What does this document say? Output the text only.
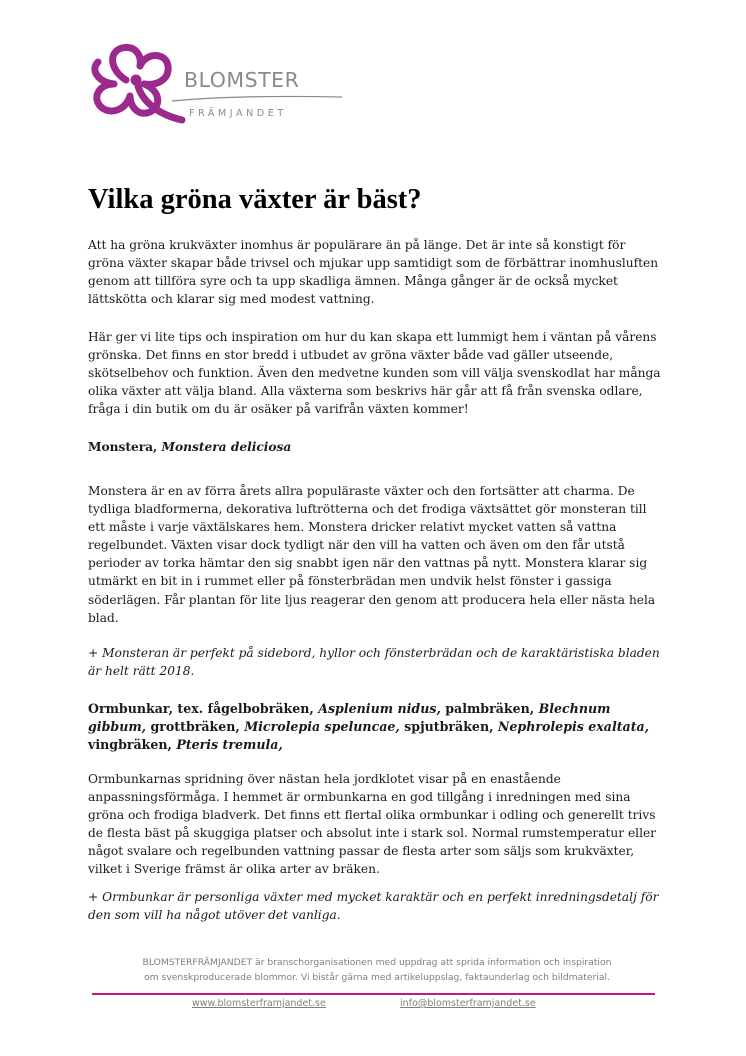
BLOMSTER
FRÄMJANDET
Vilka gröna växter är bäst?

Att ha gröna krukväxter inomhus är populärare än på länge. Det är inte så konstigt för gröna växter skapar både trivsel och mjukar upp samtidigt som de förbättrar inomhusluften genom att tillföra syre och ta upp skadliga ämnen. Många gånger är de också mycket lättskötta och klarar sig med modest vattning.

Här ger vi lite tips och inspiration om hur du kan skapa ett lummigt hem i väntan på vårens grönska. Det finns en stor bredd i utbudet av gröna växter både vad gäller utseende, skötselbehov och funktion. Även den medvetne kunden som vill välja svenskodlat har många olika växter att välja bland. Alla växterna som beskrivs här går att få från svenska odlare, fråga i din butik om du är osäker på varifrån växten kommer!

Monstera, Monstera deliciosa

Monstera är en av förra årets allra populäraste växter och den fortsätter att charma. De tydliga bladformerna, dekorativa luftrötterna och det frodiga växtsättet gör monsteran till ett måste i varje växtälskares hem. Monstera dricker relativt mycket vatten så vattna regelbundet. Växten visar dock tydligt när den vill ha vatten och även om den får utstå perioder av torka hämtar den sig snabbt igen när den vattnas på nytt. Monstera klarar sig utmärkt en bit in i rummet eller på fönsterbrädan men undvik helst fönster i gassiga söderlägen. Får plantan för lite ljus reagerar den genom att producera hela eller nästa hela blad.

+ Monsteran är perfekt på sidebord, hyllor och fönsterbrädan och de karaktäristiska bladen är helt rätt 2018.

Ormbunkar, tex. fågelbobräken, Asplenium nidus, palmbräken, Blechnum gibbum, grottbräken, Microlepia speluncae, spjutbräken, Nephrolepis exaltata, vingbräken, Pteris tremula,

Ormbunkarnas spridning över nästan hela jordklotet visar på en enastående anpassningsförmåga. I hemmet är ormbunkarna en god tillgång i inredningen med sina gröna och frodiga bladverk. Det finns ett flertal olika ormbunkar i odling och generellt trivs de flesta bäst på skuggiga platser och absolut inte i stark sol. Normal rumstemperatur eller något svalare och regelbunden vattning passar de flesta arter som säljs som krukväxter, vilket i Sverige främst är olika arter av bräken.

+ Ormbunkar är personliga växter med mycket karaktär och en perfekt inredningsdetalj för den som vill ha något utöver det vanliga.

BLOMSTERFRÄMJANDET är branschorganisationen med uppdrag att sprida information och inspiration
om svenskproducerade blommor. Vi bistår gärna med artikeluppslag, faktaunderlag och bildmaterial.
www.blomsterframjandet.se	info@blomsterframjandet.se
